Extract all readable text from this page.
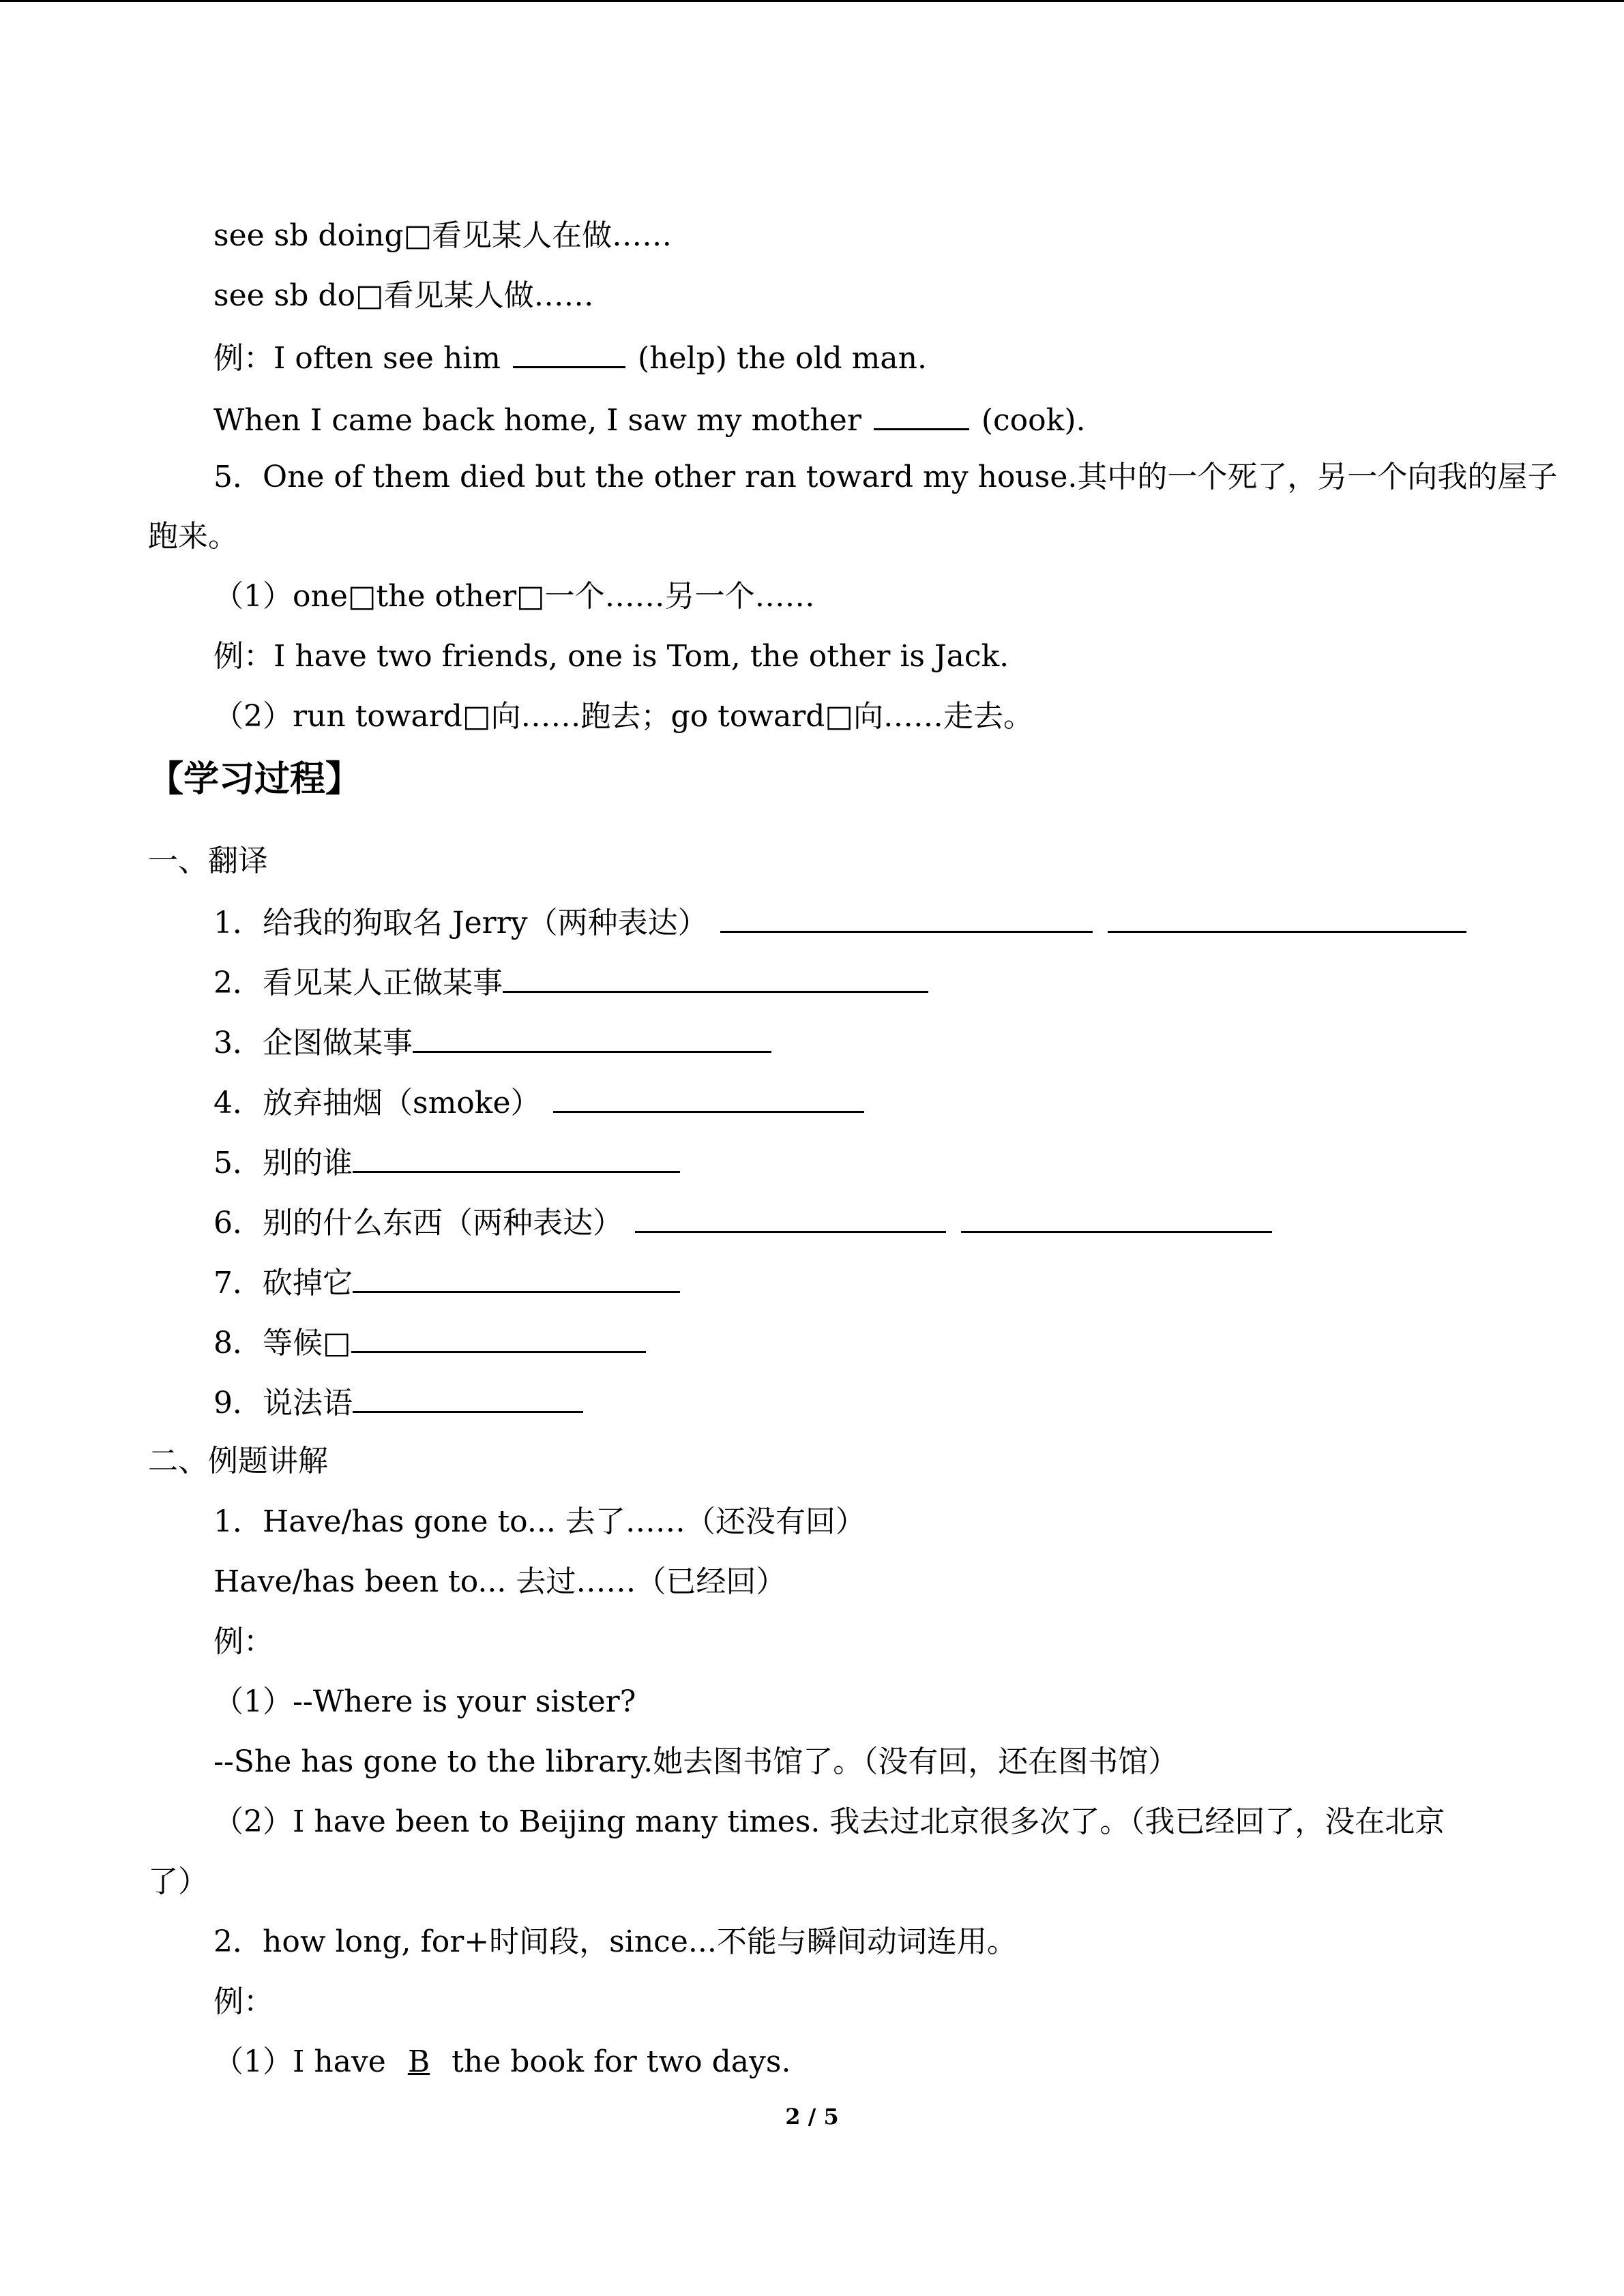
see sb doing□看见某人在做……
see sb do□看见某人做……
例：I often see him	(help) the old man.
When I came back home, I saw my mother	(cook).
5．One of them died but the other ran toward my house.其中的一个死了，另一个向我的屋子
跑来。
（1）one□the other□一个……另一个……
例：I have two friends, one is Tom, the other is Jack.
（2）run toward□向……跑去；go toward□向……走去。
【学习过程】
一、翻译
1．给我的狗取名 Jerry（两种表达）
2．看见某人正做某事
3．企图做某事
4．放弃抽烟（smoke）
5．别的谁
6．别的什么东西（两种表达）
7．砍掉它
8．等候□
9．说法语
二、例题讲解
1．Have/has gone to... 去了……（还没有回）
Have/has been to... 去过……（已经回）
例：
（1）--Where is your sister?
--She has gone to the library.她去图书馆了。（没有回，还在图书馆）
（2）I have been to Beijing many times. 我去过北京很多次了。（我已经回了，没在北京
了）
2．how long, for+时间段，since...不能与瞬间动词连用。
例：
（1）I have B the book for two days.
2 / 5
